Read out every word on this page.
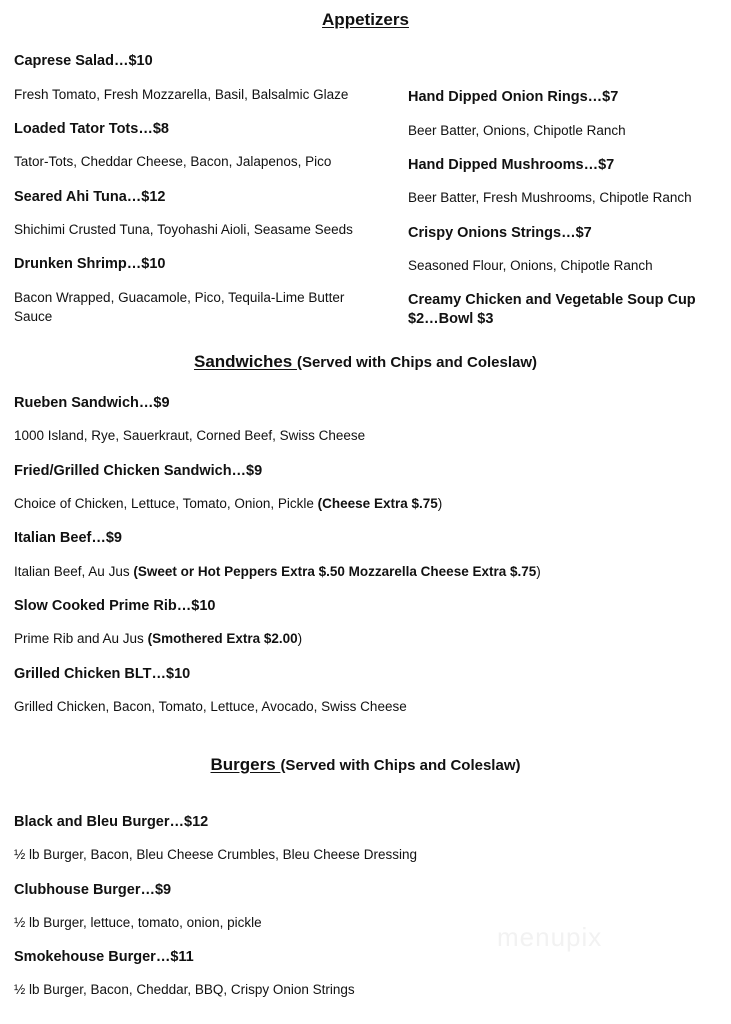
Appetizers

Caprese Salad…$10

Fresh Tomato, Fresh Mozzarella, Basil, Balsalmic Glaze

Loaded Tator Tots…$8

Tator-Tots, Cheddar Cheese, Bacon, Jalapenos, Pico

Seared Ahi Tuna…$12

Shichimi Crusted Tuna, Toyohashi Aioli, Seasame Seeds

Drunken Shrimp…$10

Bacon Wrapped, Guacamole, Pico, Tequila-Lime Butter Sauce

Hand Dipped Onion Rings…$7

Beer Batter, Onions, Chipotle Ranch

Hand Dipped Mushrooms…$7

Beer Batter, Fresh Mushrooms, Chipotle Ranch

Crispy Onions Strings…$7

Seasoned Flour, Onions, Chipotle Ranch

Creamy Chicken and Vegetable Soup Cup $2…Bowl $3

Sandwiches (Served with Chips and Coleslaw)

Rueben Sandwich…$9

1000 Island, Rye, Sauerkraut, Corned Beef, Swiss Cheese

Fried/Grilled Chicken Sandwich…$9

Choice of Chicken, Lettuce, Tomato, Onion, Pickle (Cheese Extra $.75)

Italian Beef…$9

Italian Beef, Au Jus (Sweet or Hot Peppers Extra $.50 Mozzarella Cheese Extra $.75)

Slow Cooked Prime Rib…$10

Prime Rib and Au Jus (Smothered Extra $2.00)

Grilled Chicken BLT…$10

Grilled Chicken, Bacon, Tomato, Lettuce, Avocado, Swiss Cheese

Burgers (Served with Chips and Coleslaw)

Black and Bleu Burger…$12

½ lb Burger, Bacon, Bleu Cheese Crumbles, Bleu Cheese Dressing

Clubhouse Burger…$9

½ lb Burger, lettuce, tomato, onion, pickle

Smokehouse Burger…$11

½ lb Burger, Bacon, Cheddar, BBQ, Crispy Onion Strings

menupix
